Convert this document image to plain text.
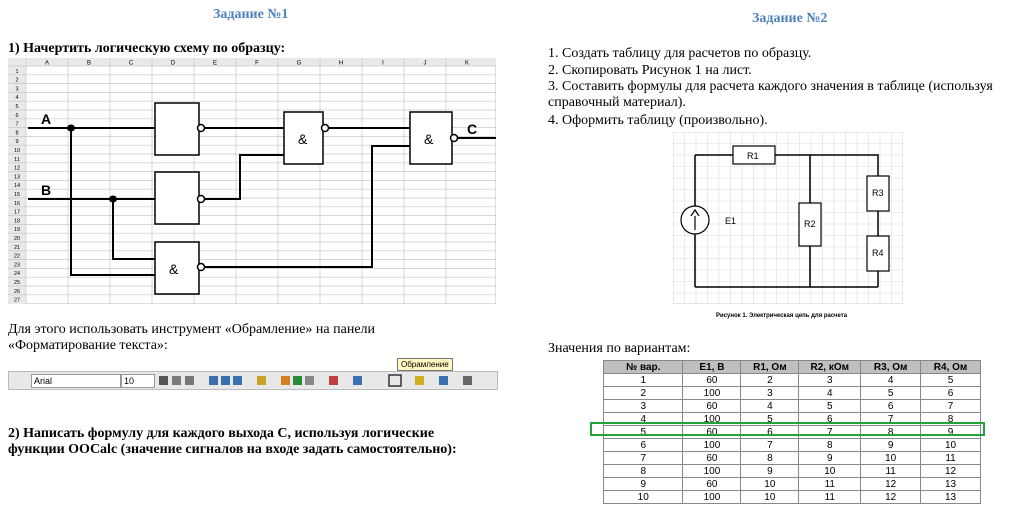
Задание №1
1) Начертить логическую схему по образцу:
A	B	C	D	E	F	G	H	I	J	K
1
2
3
4
5
6
7
8
9
10
11
12
13
14
15
16
17
18
19
20
21
22
23
24
25
26
27
A
B
C
&
&	&
Для этого использовать инструмент «Обрамление» на панели «Форматирование текста»:
Обрамление
Arial	10
2) Написать формулу для каждого выхода C, используя логические функции OOCalc (значение сигналов на входе задать самостоятельно):
Задание №2
1. Создать таблицу для расчетов по образцу.
2. Скопировать Рисунок 1 на лист.
3. Составить формулы для расчета каждого значения в таблице (используя справочный материал).
4. Оформить таблицу (произвольно).
R1
R2
R3
R4
E1
Рисунок 1. Электрическая цепь для расчета
Значения по вариантам:
№ вар.	E1, В	R1, Ом	R2, кОм	R3, Ом	R4, Ом
1	60	2	3	4	5
2	100	3	4	5	6
3	60	4	5	6	7
4	100	5	6	7	8
5	60	6	7	8	9
6	100	7	8	9	10
7	60	8	9	10	11
8	100	9	10	11	12
9	60	10	11	12	13
10	100	10	11	12	13
